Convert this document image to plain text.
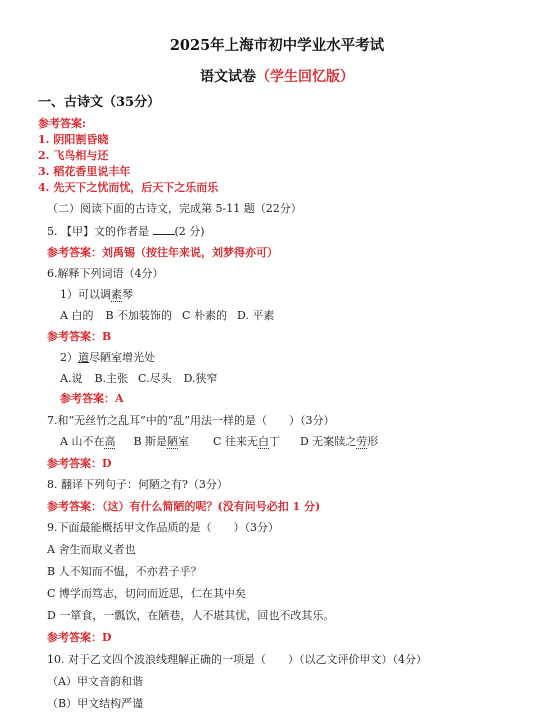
2025年上海市初中学业水平考试
语文试卷（学生回忆版）
一、古诗文（35分）
参考答案:
1. 阴阳割昏晓
2. 飞鸟相与还
3. 稻花香里说丰年
4. 先天下之忧而忧，后天下之乐而乐
（二）阅读下面的古诗文，完成第 5-11 题（22分）
5. 【甲】文的作者是 (2 分)
参考答案：刘禹锡（按往年来说，刘梦得亦可）
6.解释下列词语（4分）
1）可以调素琴
A 白的 B 不加装饰的 C 朴素的 D. 平素
参考答案：B
2）道尽陋室增光处
A.说 B.主张 C.尽头 D.狭窄
参考答案：A
7.和“无丝竹之乱耳”中的“乱”用法一样的是（　　）（3分）
A 山不在高 B 斯是陋室 C 往来无白丁 D 无案牍之劳形
参考答案：D
8. 翻译下列句子：何陋之有?（3分）
参考答案：（这）有什么简陋的呢？(没有问号必扣 1 分)
9.下面最能概括甲文作品质的是（　　）（3分）
A 舍生而取义者也
B 人不知而不愠，不亦君子乎？
C 博学而笃志，切问而近思，仁在其中矣
D 一箪食，一瓢饮，在陋巷，人不堪其忧，回也不改其乐。
参考答案：D
10. 对于乙文四个波浪线理解正确的一项是（　　）（以乙文评价甲文）（4分）
（A）甲文音韵和谐
（B）甲文结构严谨
